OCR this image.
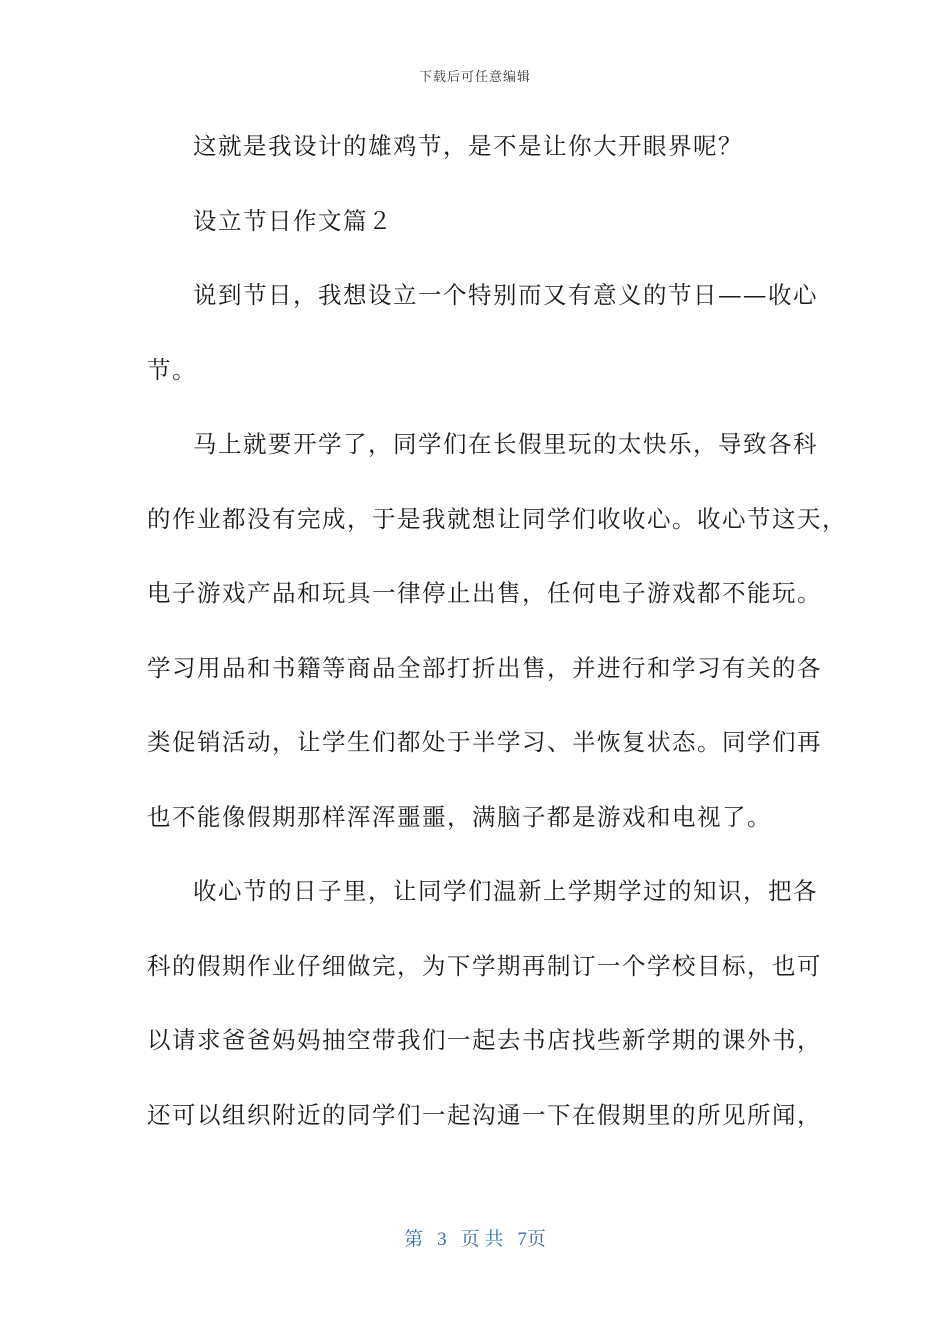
下载后可任意编辑
这就是我设计的雄鸡节，是不是让你大开眼界呢？
设立节日作文篇２
说到节日，我想设立一个特别而又有意义的节日——收心
节。
马上就要开学了，同学们在长假里玩的太快乐，导致各科
的作业都没有完成，于是我就想让同学们收收心。收心节这天，
电子游戏产品和玩具一律停止出售，任何电子游戏都不能玩。
学习用品和书籍等商品全部打折出售，并进行和学习有关的各
类促销活动，让学生们都处于半学习、半恢复状态。同学们再
也不能像假期那样浑浑噩噩，满脑子都是游戏和电视了。
收心节的日子里，让同学们温新上学期学过的知识，把各
科的假期作业仔细做完，为下学期再制订一个学校目标，也可
以请求爸爸妈妈抽空带我们一起去书店找些新学期的课外书，
还可以组织附近的同学们一起沟通一下在假期里的所见所闻，
第 3 页 共 7页
